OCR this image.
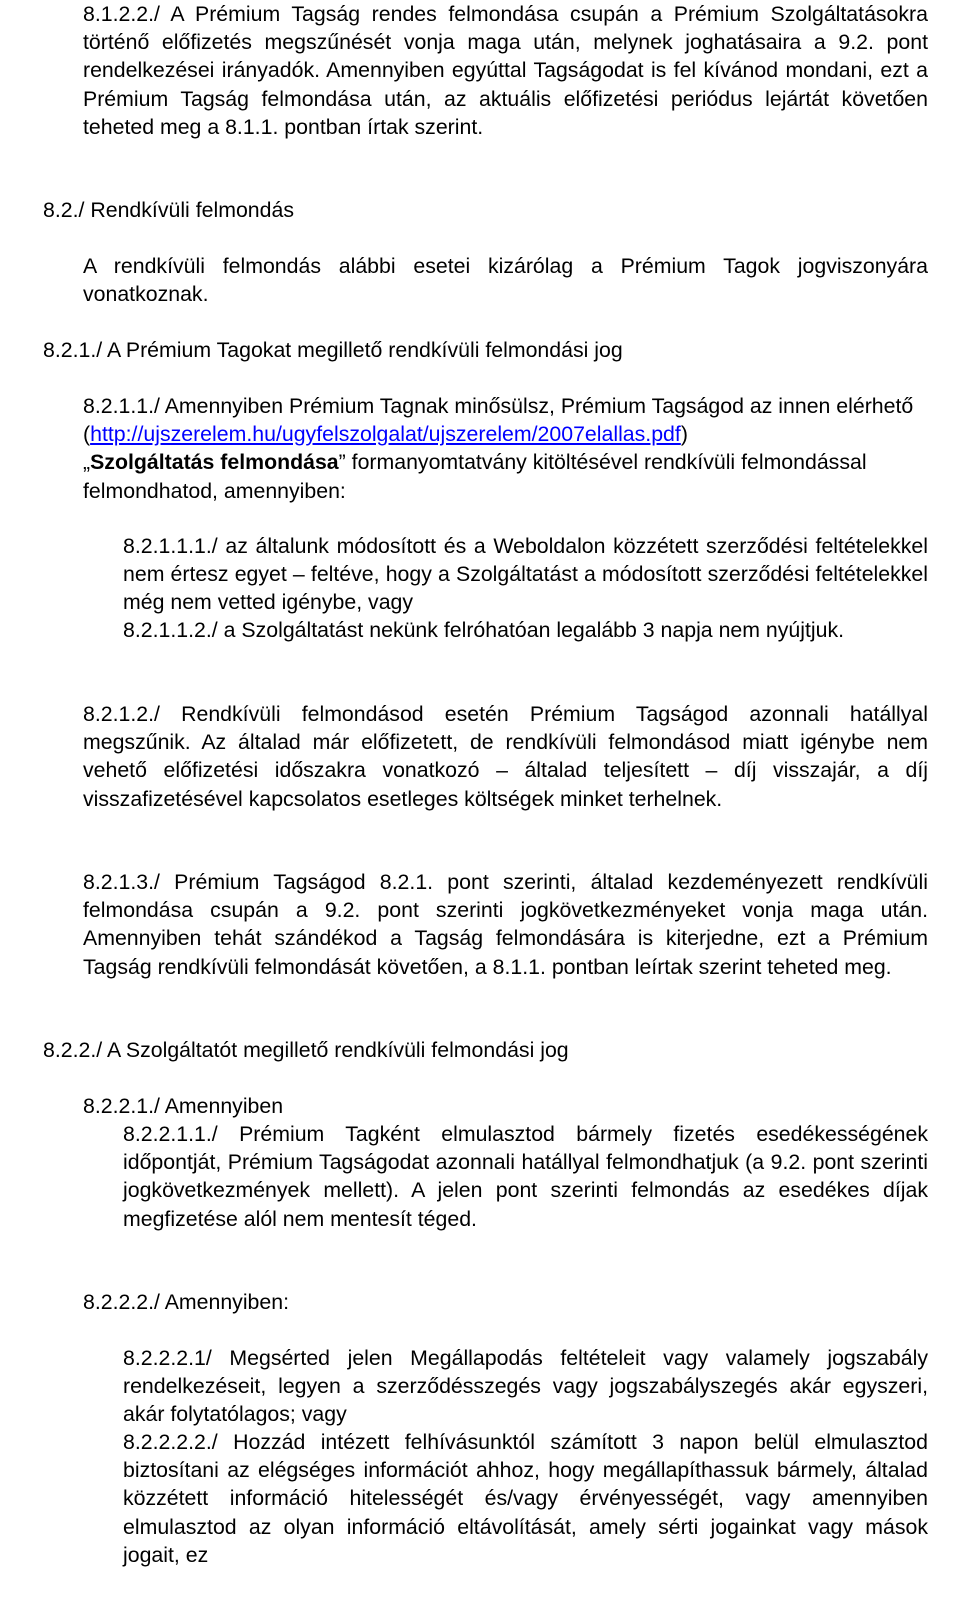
8.1.2.2./ A Prémium Tagság rendes felmondása csupán a Prémium Szolgáltatásokra történő előfizetés megszűnését vonja maga után, melynek joghatásaira a 9.2. pont rendelkezései irányadók. Amennyiben egyúttal Tagságodat is fel kívánod mondani, ezt a Prémium Tagság felmondása után, az aktuális előfizetési periódus lejártát követően teheted meg a 8.1.1. pontban írtak szerint.

8.2./ Rendkívüli felmondás

A rendkívüli felmondás alábbi esetei kizárólag a Prémium Tagok jogviszonyára vonatkoznak.

8.2.1./ A Prémium Tagokat megillető rendkívüli felmondási jog

8.2.1.1./ Amennyiben Prémium Tagnak minősülsz, Prémium Tagságod az innen elérhető
(http://ujszerelem.hu/ugyfelszolgalat/ujszerelem/2007elallas.pdf)
„Szolgáltatás felmondása” formanyomtatvány kitöltésével rendkívüli felmondással felmondhatod, amennyiben:

8.2.1.1.1./ az általunk módosított és a Weboldalon közzétett szerződési feltételekkel nem értesz egyet – feltéve, hogy a Szolgáltatást a módosított szerződési feltételekkel még nem vetted igénybe, vagy

8.2.1.1.2./ a Szolgáltatást nekünk felróhatóan legalább 3 napja nem nyújtjuk.

8.2.1.2./ Rendkívüli felmondásod esetén Prémium Tagságod azonnali hatállyal megszűnik. Az általad már előfizetett, de rendkívüli felmondásod miatt igénybe nem vehető előfizetési időszakra vonatkozó – általad teljesített – díj visszajár, a díj visszafizetésével kapcsolatos esetleges költségek minket terhelnek.

8.2.1.3./ Prémium Tagságod 8.2.1. pont szerinti, általad kezdeményezett rendkívüli felmondása csupán a 9.2. pont szerinti jogkövetkezményeket vonja maga után. Amennyiben tehát szándékod a Tagság felmondására is kiterjedne, ezt a Prémium Tagság rendkívüli felmondását követően, a 8.1.1. pontban leírtak szerint teheted meg.

8.2.2./ A Szolgáltatót megillető rendkívüli felmondási jog

8.2.2.1./ Amennyiben

8.2.2.1.1./ Prémium Tagként elmulasztod bármely fizetés esedékességének időpontját, Prémium Tagságodat azonnali hatállyal felmondhatjuk (a 9.2. pont szerinti jogkövetkezmények mellett). A jelen pont szerinti felmondás az esedékes díjak megfizetése alól nem mentesít téged.

8.2.2.2./ Amennyiben:

8.2.2.2.1/ Megsérted jelen Megállapodás feltételeit vagy valamely jogszabály rendelkezéseit, legyen a szerződésszegés vagy jogszabályszegés akár egyszeri, akár folytatólagos; vagy

8.2.2.2.2./ Hozzád intézett felhívásunktól számított 3 napon belül elmulasztod biztosítani az elégséges információt ahhoz, hogy megállapíthassuk bármely, általad közzétett információ hitelességét és/vagy érvényességét, vagy amennyiben elmulasztod az olyan információ eltávolítását, amely sérti jogainkat vagy mások jogait, ez
